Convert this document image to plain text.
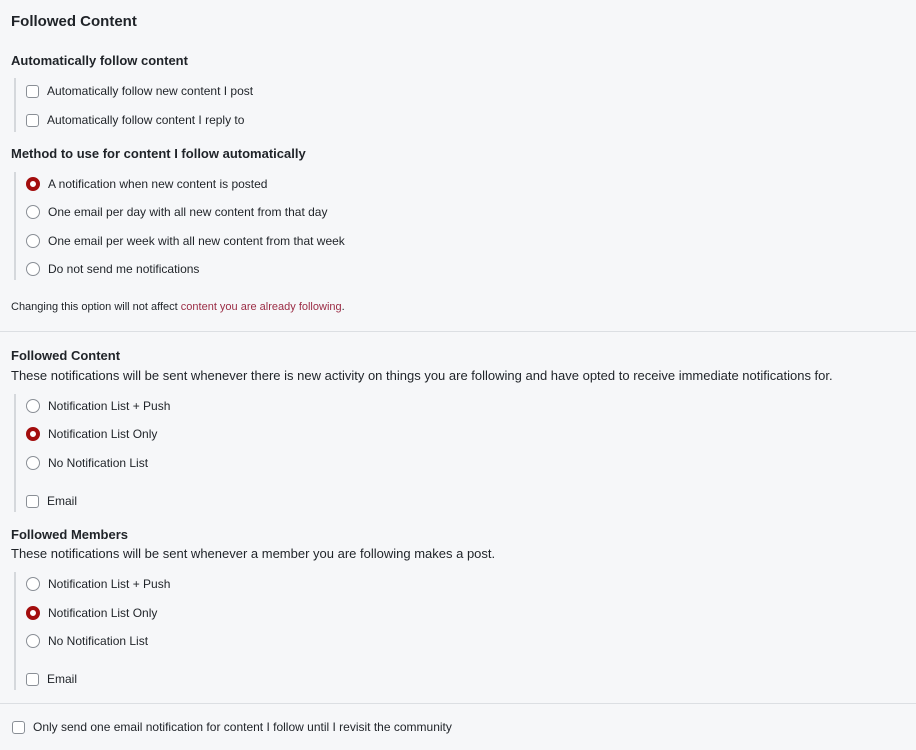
Followed Content
Automatically follow content
Automatically follow new content I post
Automatically follow content I reply to
Method to use for content I follow automatically
A notification when new content is posted
One email per day with all new content from that day
One email per week with all new content from that week
Do not send me notifications
Changing this option will not affect content you are already following.
Followed Content
These notifications will be sent whenever there is new activity on things you are following and have opted to receive immediate notifications for.
Notification List + Push
Notification List Only
No Notification List
Email
Followed Members
These notifications will be sent whenever a member you are following makes a post.
Notification List + Push
Notification List Only
No Notification List
Email
Only send one email notification for content I follow until I revisit the community
